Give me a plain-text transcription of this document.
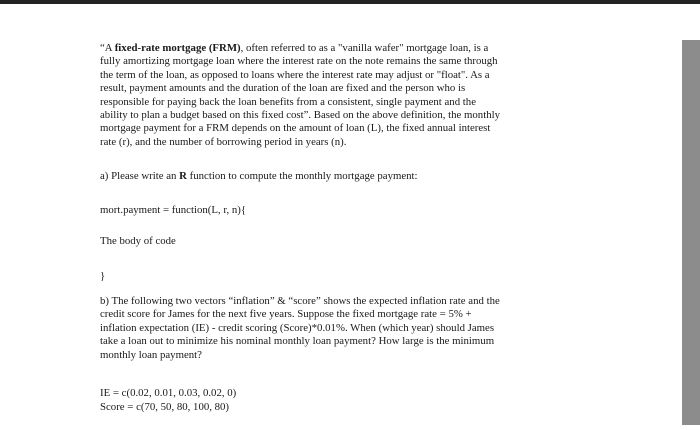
“A fixed-rate mortgage (FRM), often referred to as a "vanilla wafer" mortgage loan, is a
fully amortizing mortgage loan where the interest rate on the note remains the same through
the term of the loan, as opposed to loans where the interest rate may adjust or "float". As a
result, payment amounts and the duration of the loan are fixed and the person who is
responsible for paying back the loan benefits from a consistent, single payment and the
ability to plan a budget based on this fixed cost”. Based on the above definition, the monthly
mortgage payment for a FRM depends on the amount of loan (L), the fixed annual interest
rate (r), and the number of borrowing period in years (n).

a) Please write an R function to compute the monthly mortgage payment:

mort.payment = function(L, r, n){

The body of code

}

b) The following two vectors “inflation” & “score” shows the expected inflation rate and the
credit score for James for the next five years. Suppose the fixed mortgage rate = 5% +
inflation expectation (IE) - credit scoring (Score)*0.01%. When (which year) should James
take a loan out to minimize his nominal monthly loan payment? How large is the minimum
monthly loan payment?

IE = c(0.02, 0.01, 0.03, 0.02, 0)

Score = c(70, 50, 80, 100, 80)
